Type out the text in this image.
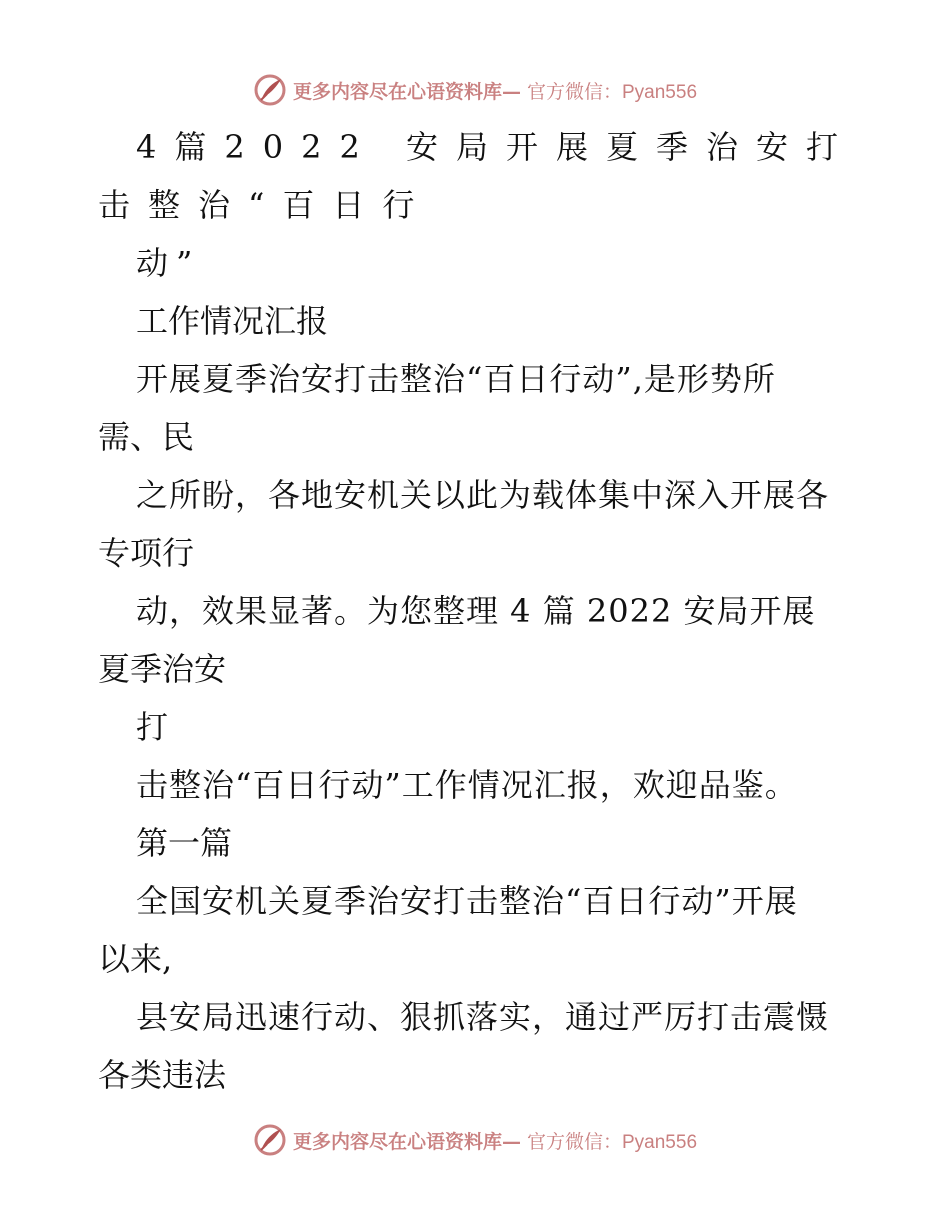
更多内容尽在心语资料库— 官方微信：Pyan556
4篇2022 安局开展夏季治安打
击整治“百日行
动”
工作情况汇报
开展夏季治安打击整治“百日行动”,是形势所
需、民
之所盼，各地安机关以此为载体集中深入开展各
专项行
动，效果显著。为您整理 4 篇 2022 安局开展
夏季治安
打
击整治“百日行动”工作情况汇报，欢迎品鉴。
第一篇
全国安机关夏季治安打击整治“百日行动”开展
以来,
县安局迅速行动、狠抓落实，通过严厉打击震慑
各类违法
更多内容尽在心语资料库— 官方微信：Pyan556
